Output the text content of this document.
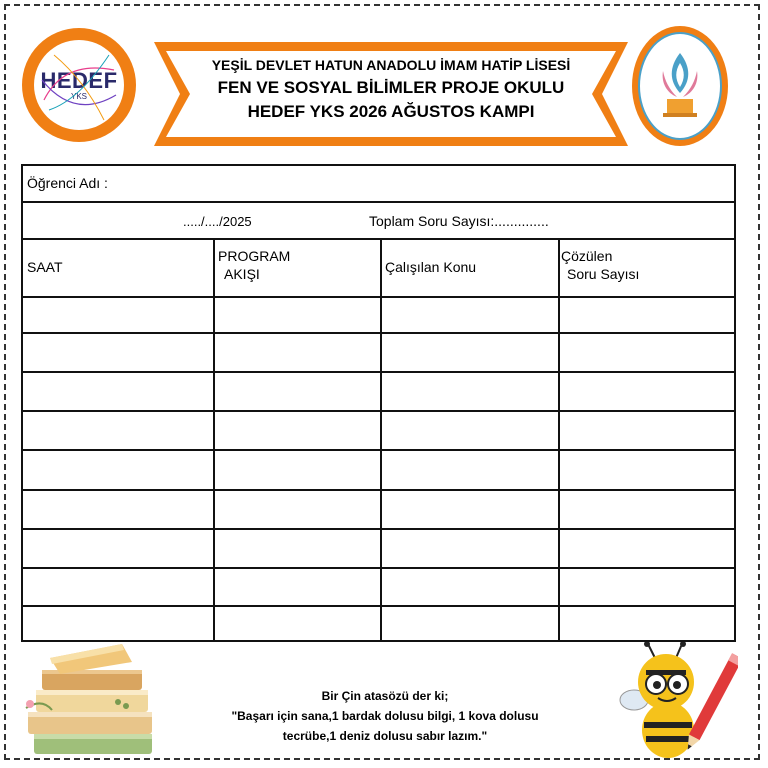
HEDEF
YKS
YEŞİL DEVLET HATUN ANADOLU İMAM HATİP LİSESİ
FEN VE SOSYAL BİLİMLER PROJE OKULU
HEDEF YKS 2026 AĞUSTOS KAMPI
Öğrenci Adı :
...../..../2025	Toplam Soru Sayısı:..............
SAAT
PROGRAM
AKIŞI	Çalışılan Konu
Çözülen
Soru Sayısı
Bir Çin atasözü der ki;
"Başarı için sana,1 bardak dolusu bilgi, 1 kova dolusu
tecrübe,1 deniz dolusu sabır lazım."
